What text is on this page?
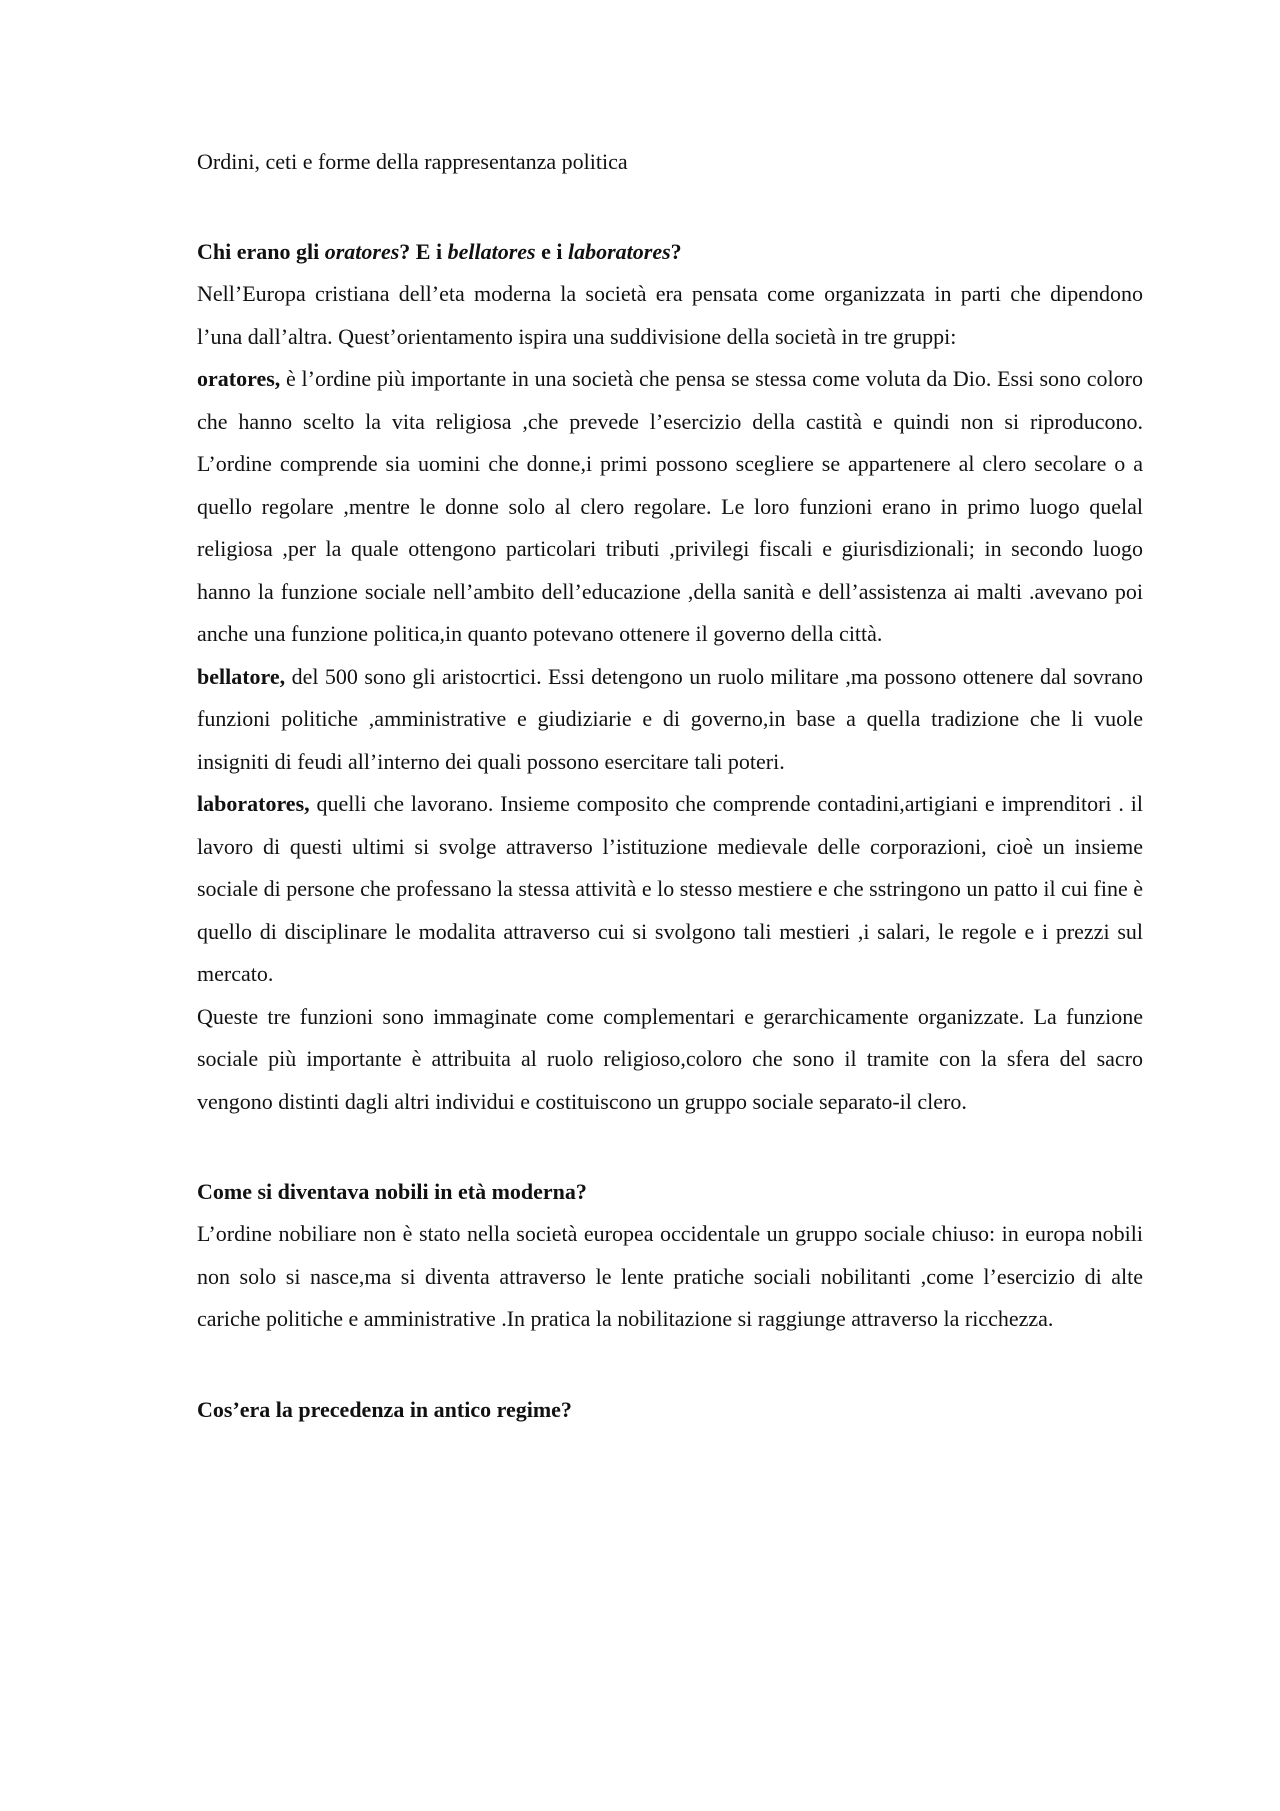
Ordini, ceti e forme della rappresentanza politica

Chi erano gli oratores? E i bellatores e i laboratores?

Nell’Europa cristiana dell’eta moderna la società era pensata come organizzata in parti che dipendono l’una dall’altra. Quest’orientamento ispira una suddivisione della società in tre gruppi:

oratores, è l’ordine più importante in una società che pensa se stessa come voluta da Dio. Essi sono coloro che hanno scelto la vita religiosa ,che prevede l’esercizio della castità e quindi non si riproducono. L’ordine comprende sia uomini che donne,i primi possono scegliere se appartenere al clero secolare o a quello regolare ,mentre le donne solo al clero regolare. Le loro funzioni erano in primo luogo quelal religiosa ,per la quale ottengono particolari tributi ,privilegi fiscali e giurisdizionali; in secondo luogo hanno la funzione sociale nell’ambito dell’educazione ,della sanità e dell’assistenza ai malti .avevano poi anche una funzione politica,in quanto potevano ottenere il governo della città.

bellatore, del 500 sono gli aristocrtici. Essi detengono un ruolo militare ,ma possono ottenere dal sovrano funzioni politiche ,amministrative e giudiziarie e di governo,in base a quella tradizione che li vuole insigniti di feudi all’interno dei quali possono esercitare tali poteri.

laboratores, quelli che lavorano. Insieme composito che comprende contadini,artigiani e imprenditori . il lavoro di questi ultimi si svolge attraverso l’istituzione medievale delle corporazioni, cioè un insieme sociale di persone che professano la stessa attività e lo stesso mestiere e che sstringono un patto il cui fine è quello di disciplinare le modalita attraverso cui si svolgono tali mestieri ,i salari, le regole e i prezzi sul mercato.

Queste tre funzioni sono immaginate come complementari e gerarchicamente organizzate. La funzione sociale più importante è attribuita al ruolo religioso,coloro che sono il tramite con la sfera del sacro vengono distinti dagli altri individui e costituiscono un gruppo sociale separato-il clero.

Come si diventava nobili in età moderna?

L’ordine nobiliare non è stato nella società europea occidentale un gruppo sociale chiuso: in europa nobili non solo si nasce,ma si diventa attraverso le lente pratiche sociali nobilitanti ,come l’esercizio di alte cariche politiche e amministrative .In pratica la nobilitazione si raggiunge attraverso la ricchezza.

Cos’era la precedenza in antico regime?
